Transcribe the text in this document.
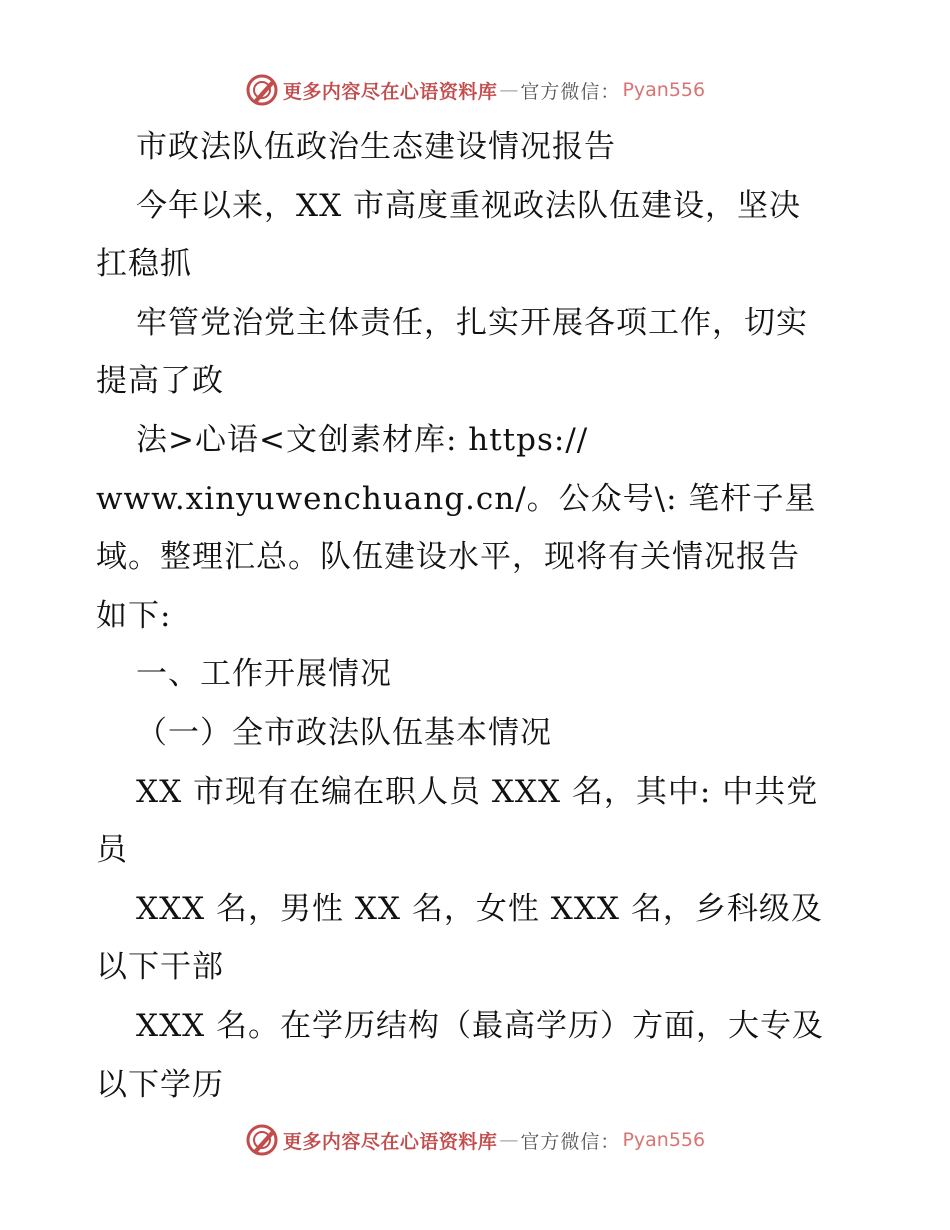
更多内容尽在心语资料库 — 官方微信： Pyan556
市政法队伍政治生态建设情况报告
今年以来，XX 市高度重视政法队伍建设，坚决
扛稳抓
牢管党治党主体责任，扎实开展各项工作，切实
提高了政
法>心语<文创素材库: https://
www.xinyuwenchuang.cn/。公众号\: 笔杆子星
域。整理汇总。队伍建设水平，现将有关情况报告
如下:
一、工作开展情况
（一）全市政法队伍基本情况
XX 市现有在编在职人员 XXX 名，其中: 中共党
员
XXX 名，男性 XX 名，女性 XXX 名，乡科级及
以下干部
XXX 名。在学历结构（最高学历）方面，大专及
以下学历
更多内容尽在心语资料库 — 官方微信： Pyan556
